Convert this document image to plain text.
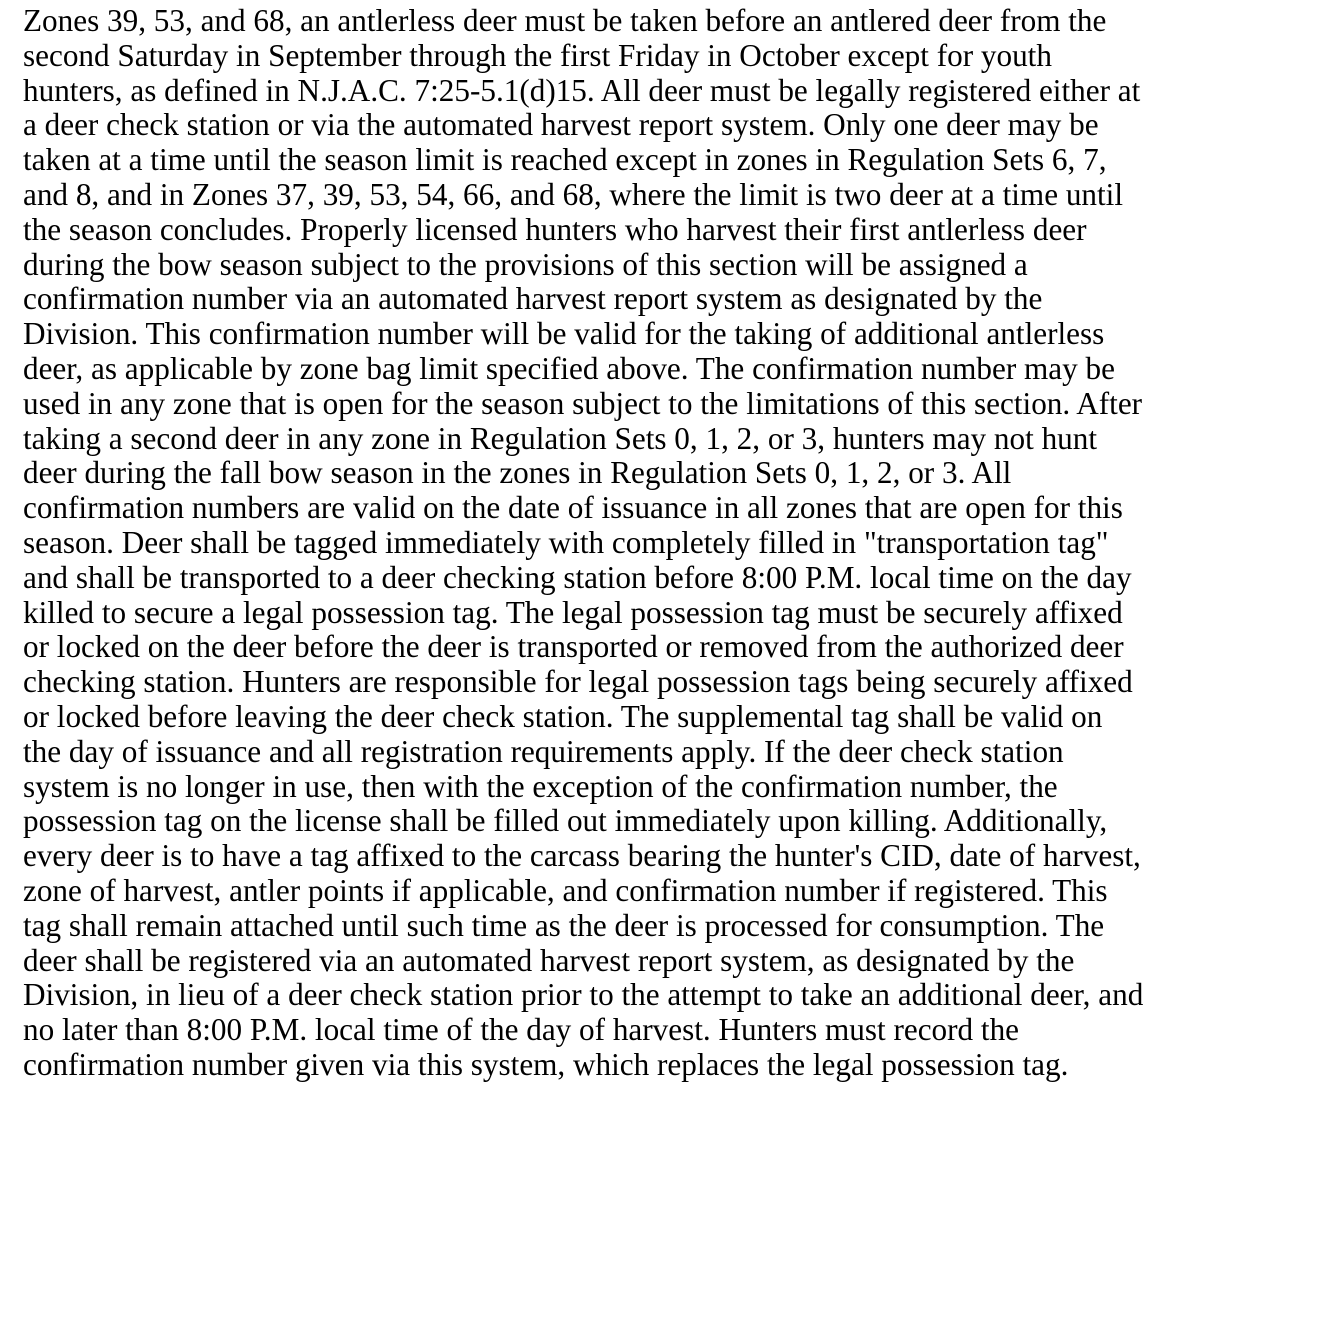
Zones 39, 53, and 68, an antlerless deer must be taken before an antlered deer from the
second Saturday in September through the first Friday in October except for youth
hunters, as defined in N.J.A.C. 7:25-5.1(d)15. All deer must be legally registered either at
a deer check station or via the automated harvest report system. Only one deer may be
taken at a time until the season limit is reached except in zones in Regulation Sets 6, 7,
and 8, and in Zones 37, 39, 53, 54, 66, and 68, where the limit is two deer at a time until
the season concludes. Properly licensed hunters who harvest their first antlerless deer
during the bow season subject to the provisions of this section will be assigned a
confirmation number via an automated harvest report system as designated by the
Division. This confirmation number will be valid for the taking of additional antlerless
deer, as applicable by zone bag limit specified above. The confirmation number may be
used in any zone that is open for the season subject to the limitations of this section. After
taking a second deer in any zone in Regulation Sets 0, 1, 2, or 3, hunters may not hunt
deer during the fall bow season in the zones in Regulation Sets 0, 1, 2, or 3. All
confirmation numbers are valid on the date of issuance in all zones that are open for this
season. Deer shall be tagged immediately with completely filled in "transportation tag"
and shall be transported to a deer checking station before 8:00 P.M. local time on the day
killed to secure a legal possession tag. The legal possession tag must be securely affixed
or locked on the deer before the deer is transported or removed from the authorized deer
checking station. Hunters are responsible for legal possession tags being securely affixed
or locked before leaving the deer check station. The supplemental tag shall be valid on
the day of issuance and all registration requirements apply. If the deer check station
system is no longer in use, then with the exception of the confirmation number, the
possession tag on the license shall be filled out immediately upon killing. Additionally,
every deer is to have a tag affixed to the carcass bearing the hunter's CID, date of harvest,
zone of harvest, antler points if applicable, and confirmation number if registered. This
tag shall remain attached until such time as the deer is processed for consumption. The
deer shall be registered via an automated harvest report system, as designated by the
Division, in lieu of a deer check station prior to the attempt to take an additional deer, and
no later than 8:00 P.M. local time of the day of harvest. Hunters must record the
confirmation number given via this system, which replaces the legal possession tag.
